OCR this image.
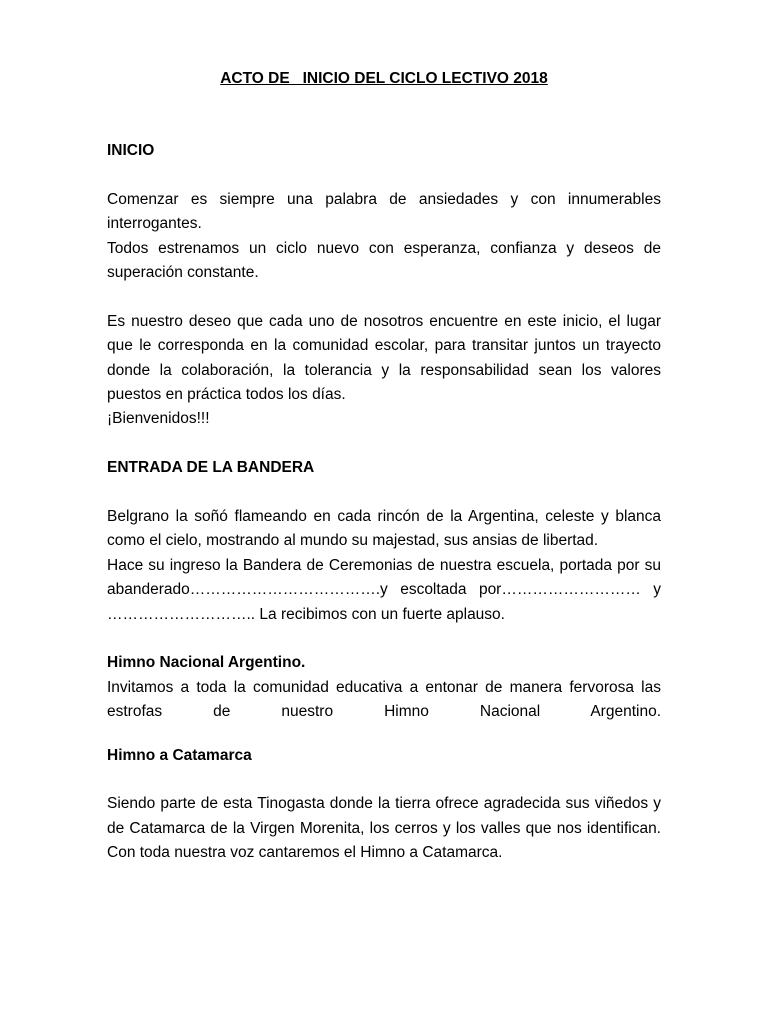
ACTO DE   INICIO DEL CICLO LECTIVO 2018

INICIO

Comenzar es siempre una palabra de ansiedades y con innumerables interrogantes.

Todos estrenamos un ciclo nuevo con esperanza, confianza y deseos de superación constante.

Es nuestro deseo que cada uno de nosotros encuentre en este inicio, el lugar que le corresponda en la comunidad escolar, para transitar juntos un trayecto donde la colaboración, la tolerancia y la responsabilidad sean los valores puestos en práctica todos los días.

¡Bienvenidos!!!

ENTRADA DE LA BANDERA

Belgrano la soñó flameando en cada rincón de la Argentina, celeste y blanca como el cielo, mostrando al mundo su majestad, sus ansias de libertad.

Hace su ingreso la Bandera de Ceremonias de nuestra escuela, portada por su abanderado……………………………….y escoltada por……………………… y ……………………….. La recibimos con un fuerte aplauso.

Himno Nacional Argentino.

Invitamos a toda la comunidad educativa a entonar de manera fervorosa las estrofas de nuestro Himno Nacional Argentino.

Himno a Catamarca

Siendo parte de esta Tinogasta donde la tierra ofrece agradecida sus viñedos y de Catamarca de la Virgen Morenita, los cerros y los valles que nos identifican. Con toda nuestra voz cantaremos el Himno a Catamarca.
